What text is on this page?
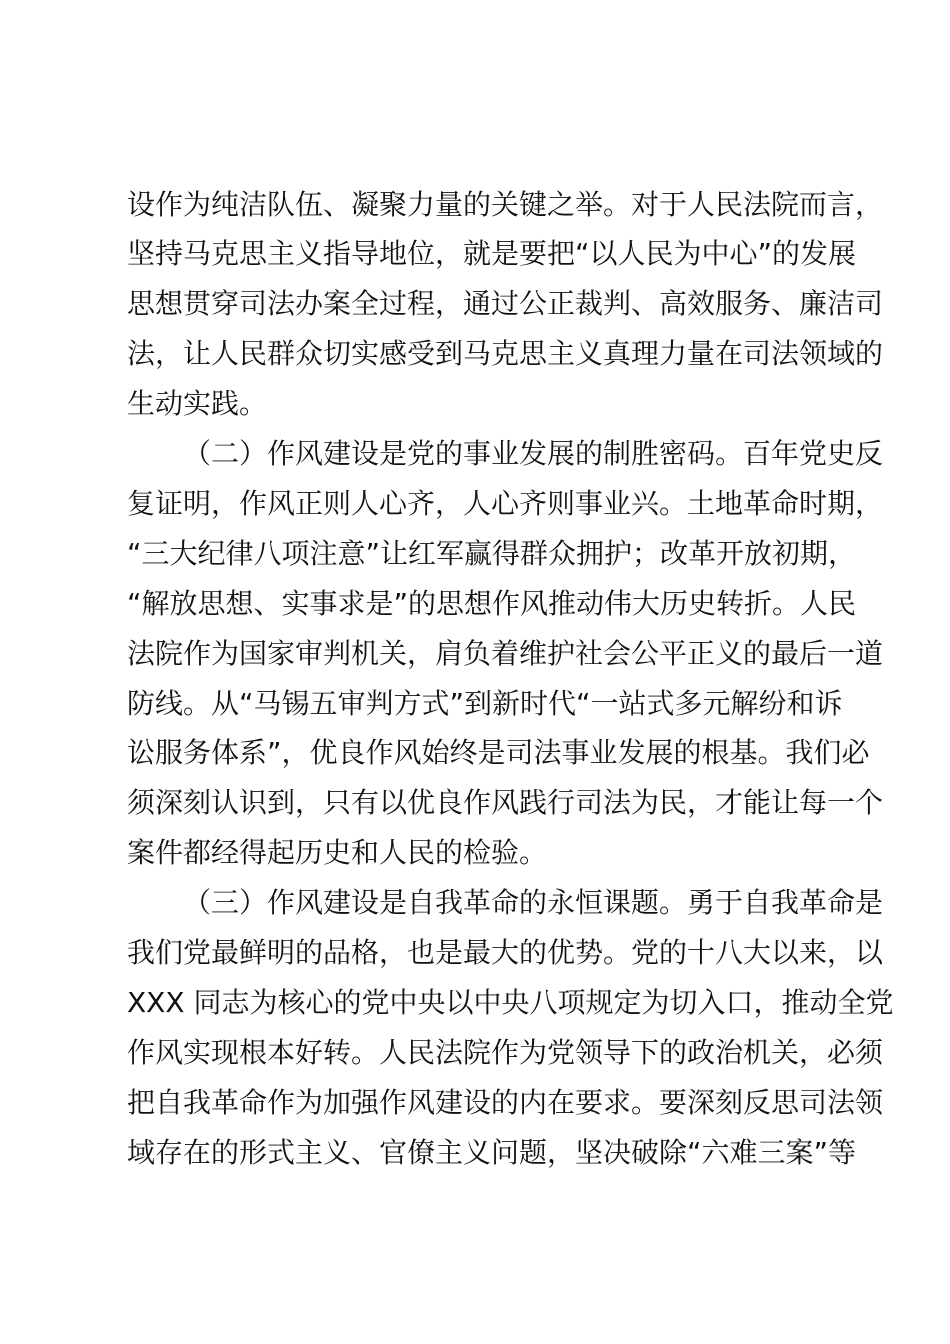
设作为纯洁队伍、凝聚力量的关键之举。对于人民法院而言，
坚持马克思主义指导地位，就是要把“以人民为中心”的发展
思想贯穿司法办案全过程，通过公正裁判、高效服务、廉洁司
法，让人民群众切实感受到马克思主义真理力量在司法领域的
生动实践。
（二）作风建设是党的事业发展的制胜密码。百年党史反
复证明，作风正则人心齐，人心齐则事业兴。土地革命时期，
“三大纪律八项注意”让红军赢得群众拥护；改革开放初期，
“解放思想、实事求是”的思想作风推动伟大历史转折。人民
法院作为国家审判机关，肩负着维护社会公平正义的最后一道
防线。从“马锡五审判方式”到新时代“一站式多元解纷和诉
讼服务体系”，优良作风始终是司法事业发展的根基。我们必
须深刻认识到，只有以优良作风践行司法为民，才能让每一个
案件都经得起历史和人民的检验。
（三）作风建设是自我革命的永恒课题。勇于自我革命是
我们党最鲜明的品格，也是最大的优势。党的十八大以来，以
XXX 同志为核心的党中央以中央八项规定为切入口，推动全党
作风实现根本好转。人民法院作为党领导下的政治机关，必须
把自我革命作为加强作风建设的内在要求。要深刻反思司法领
域存在的形式主义、官僚主义问题，坚决破除“六难三案”等
